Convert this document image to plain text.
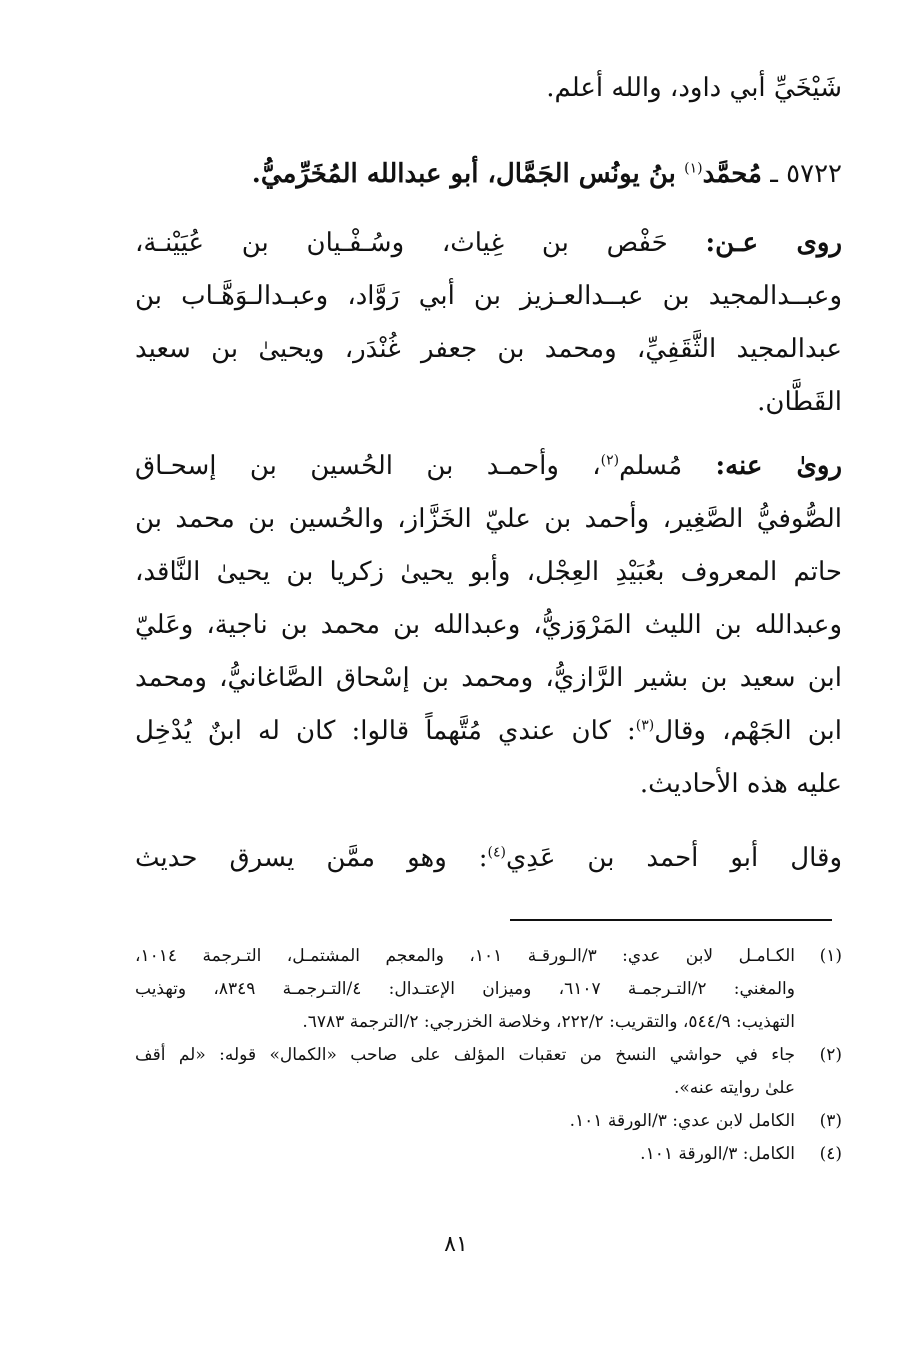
شَيْخَيِّ أبي داود، والله أعلم.
٥٧٢٢ ـ مُحمَّد$^{(١)}$ بنُ يونُس الجَمَّال، أبو عبدالله المُخَرِّميُّ.
روى عـن: حَفْص بن غِياث، وسُـفْـيان بن عُيَيْنـة،
وعبــدالمجيد بن عبــدالعـزيز بن أبي رَوَّاد، وعبـدالـوَهَّـاب بن
عبدالمجيد الثَّقَفِيِّ، ومحمد بن جعفر غُنْدَر، ويحيىٰ بن سعيد
القَطَّان.
روىٰ عنه: مُسلم$^{(٢)}$، وأحمـد بن الحُسين بن إسحـاق
الصُّوفيُّ الصَّغِير، وأحمد بن عليّ الخَزَّاز، والحُسين بن محمد بن
حاتم المعروف بعُبَيْدِ العِجْل، وأبو يحيىٰ زكريا بن يحيىٰ النَّاقد،
وعبدالله بن الليث المَرْوَزيُّ، وعبدالله بن محمد بن ناجية، وعَليّ
ابن سعيد بن بشير الرَّازيُّ، ومحمد بن إسْحاق الصَّاغانيُّ، ومحمد
ابن الجَهْم، وقال$^{(٣)}$: كان عندي مُتَّهماً قالوا: كان له ابنٌ يُدْخِل
عليه هذه الأحاديث.
وقال أبو أحمد بن عَدِي$^{(٤)}$: وهو ممَّن يسرق حديث
(١)
الكـامـل لابن عدي: ٣/الـورقـة ١٠١، والمعجم المشتمـل، التـرجمة ١٠١٤،
والمغني: ٢/التـرجمـة ٦١٠٧، وميزان الإعتـدال: ٤/التـرجمـة ٨٣٤٩، وتهذيب
التهذيب: ٥٤٤/٩، والتقريب: ٢٢٢/٢، وخلاصة الخزرجي: ٢/الترجمة ٦٧٨٣.
(٢)
جاء في حواشي النسخ من تعقبات المؤلف على صاحب «الكمال» قوله: «لم أقف
علىٰ روايته عنه».
(٣)
الكامل لابن عدي: ٣/الورقة ١٠١.
(٤)
الكامل: ٣/الورقة ١٠١.
٨١
